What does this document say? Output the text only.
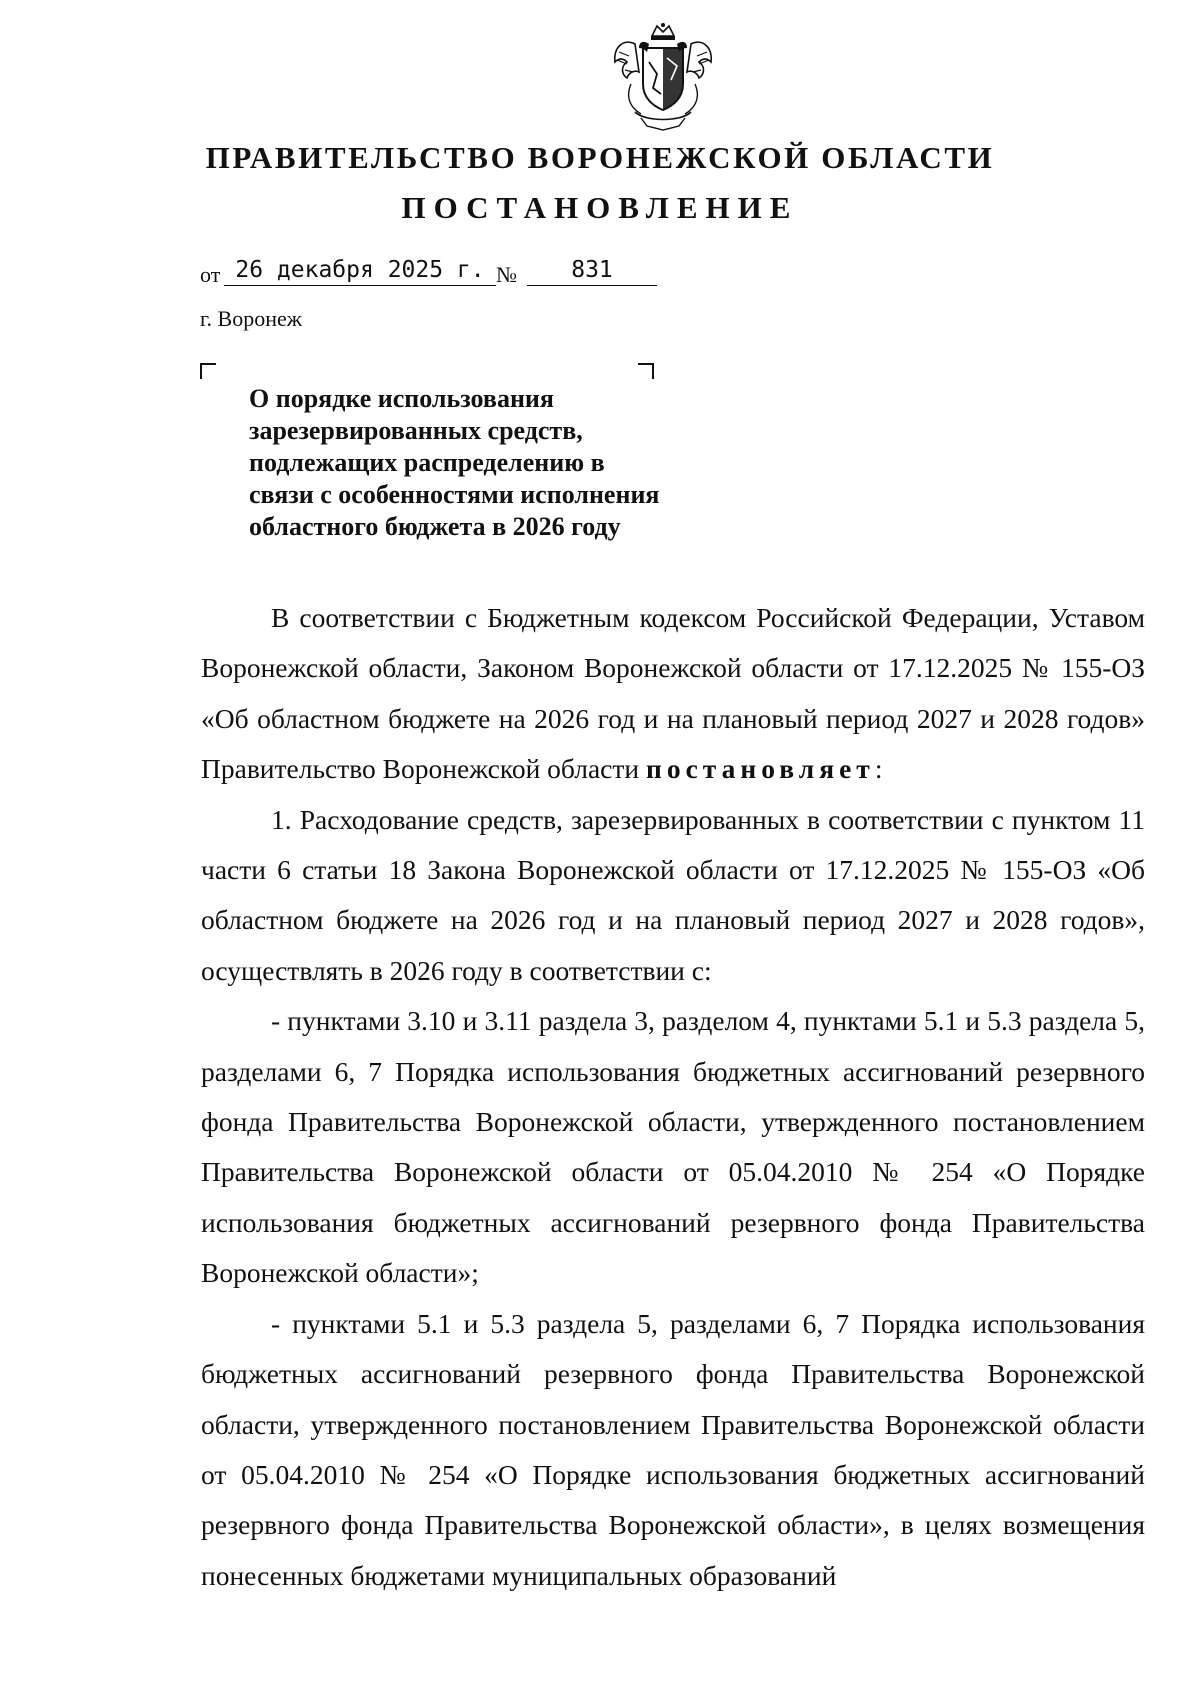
ПРАВИТЕЛЬСТВО ВОРОНЕЖСКОЙ ОБЛАСТИ
ПОСТАНОВЛЕНИЕ
от 26 декабря 2025 г. №	831
г. Воронеж
О порядке использования
зарезервированных средств,
подлежащих распределению в
связи с особенностями исполнения
областного бюджета в 2026 году

В соответствии с Бюджетным кодексом Российской Федерации, Уставом Воронежской области, Законом Воронежской области от 17.12.2025 № 155-ОЗ «Об областном бюджете на 2026 год и на плановый период 2027 и 2028 годов» Правительство Воронежской области постановляет:

1. Расходование средств, зарезервированных в соответствии с пунктом 11 части 6 статьи 18 Закона Воронежской области от 17.12.2025 № 155-ОЗ «Об областном бюджете на 2026 год и на плановый период 2027 и 2028 годов», осуществлять в 2026 году в соответствии с:

- пунктами 3.10 и 3.11 раздела 3, разделом 4, пунктами 5.1 и 5.3 раздела 5, разделами 6, 7 Порядка использования бюджетных ассигнований резервного фонда Правительства Воронежской области, утвержденного постановлением Правительства Воронежской области от 05.04.2010 № 254 «О Порядке использования бюджетных ассигнований резервного фонда Правительства Воронежской области»;

- пунктами 5.1 и 5.3 раздела 5, разделами 6, 7 Порядка использования бюджетных ассигнований резервного фонда Правительства Воронежской области, утвержденного постановлением Правительства Воронежской области от 05.04.2010 № 254 «О Порядке использования бюджетных ассигнований резервного фонда Правительства Воронежской области», в целях возмещения понесенных бюджетами муниципальных образований
